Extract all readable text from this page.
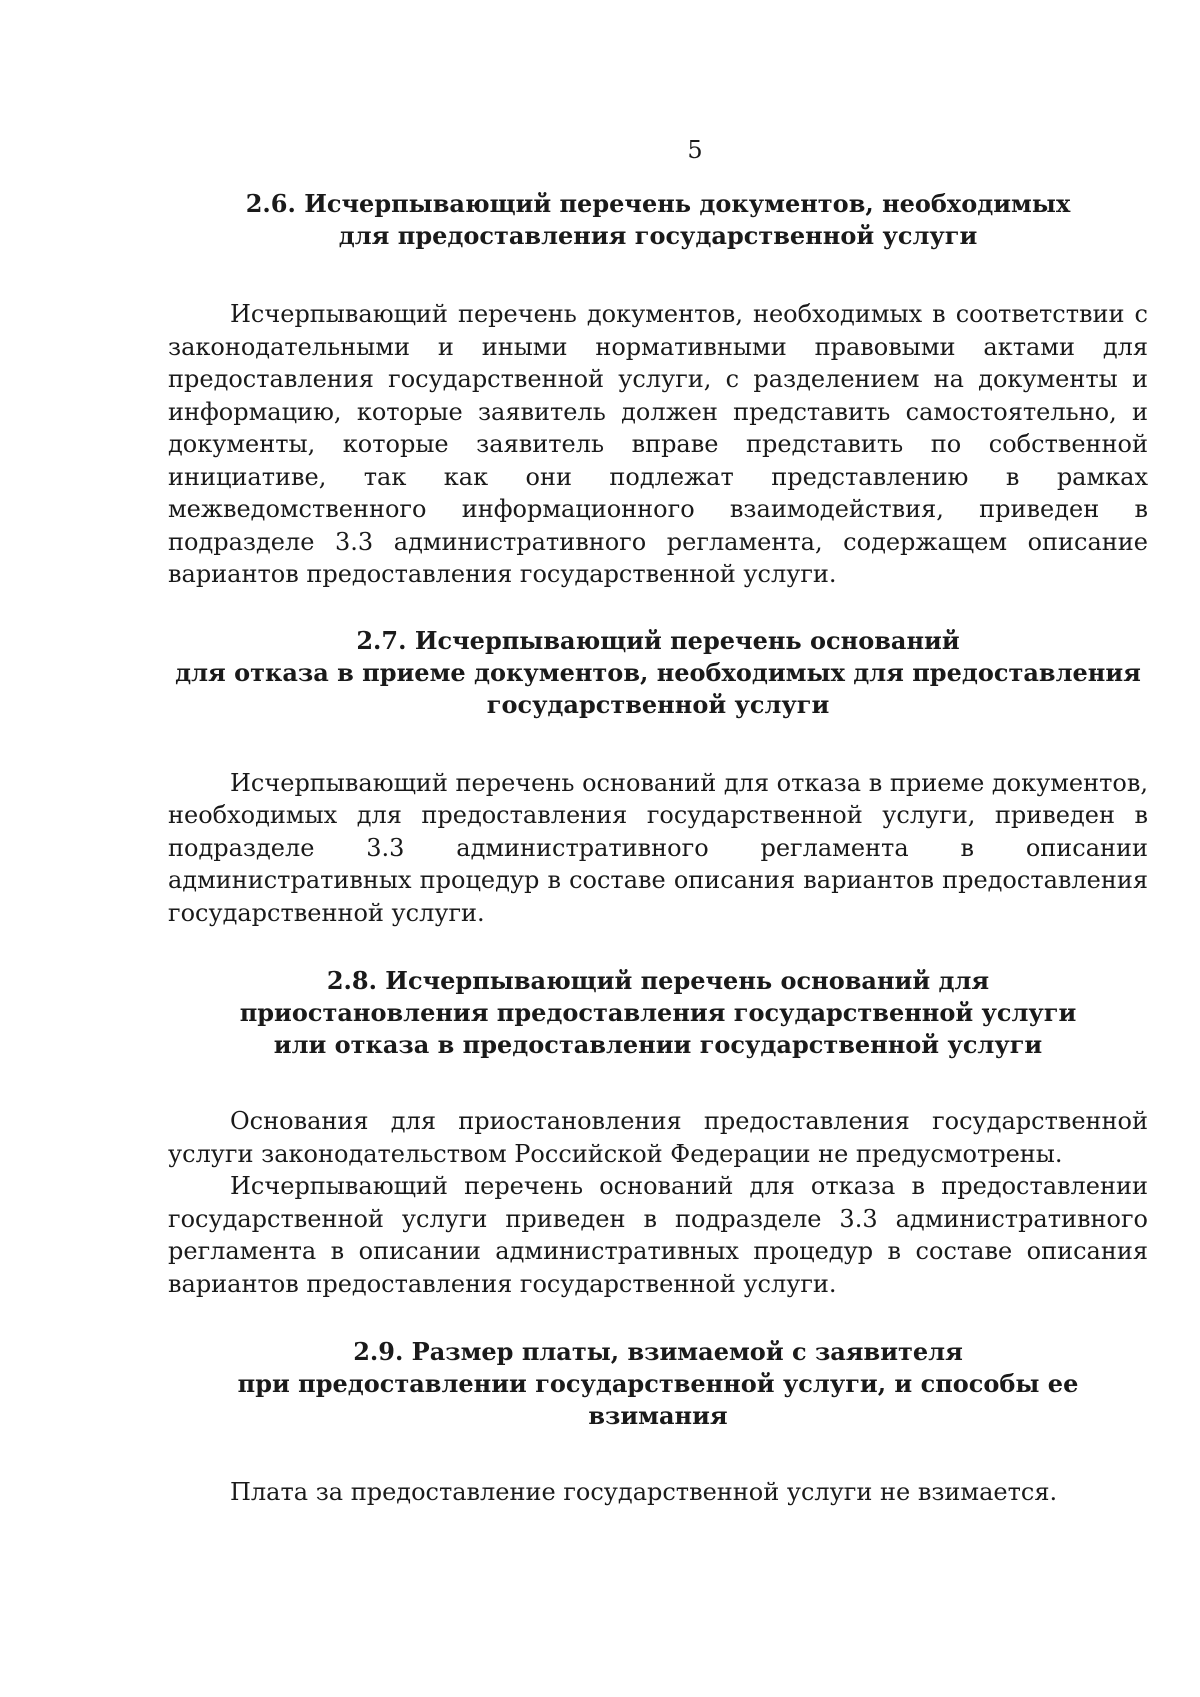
5
2.6. Исчерпывающий перечень документов, необходимых
для предоставления государственной услуги

Исчерпывающий перечень документов, необходимых в соответствии с законодательными и иными нормативными правовыми актами для предоставления государственной услуги, с разделением на документы и информацию, которые заявитель должен представить самостоятельно, и документы, которые заявитель вправе представить по собственной инициативе, так как они подлежат представлению в рамках межведомственного информационного взаимодействия, приведен в подразделе 3.3 административного регламента, содержащем описание вариантов предоставления государственной услуги.

2.7. Исчерпывающий перечень оснований
для отказа в приеме документов, необходимых для предоставления
государственной услуги

Исчерпывающий перечень оснований для отказа в приеме документов, необходимых для предоставления государственной услуги, приведен в подразделе 3.3 административного регламента в описании административных процедур в составе описания вариантов предоставления государственной услуги.

2.8. Исчерпывающий перечень оснований для
приостановления предоставления государственной услуги
или отказа в предоставлении государственной услуги

Основания для приостановления предоставления государственной услуги законодательством Российской Федерации не предусмотрены.

Исчерпывающий перечень оснований для отказа в предоставлении государственной услуги приведен в подразделе 3.3 административного регламента в описании административных процедур в составе описания вариантов предоставления государственной услуги.

2.9. Размер платы, взимаемой с заявителя
при предоставлении государственной услуги, и способы ее взимания

Плата за предоставление государственной услуги не взимается.
